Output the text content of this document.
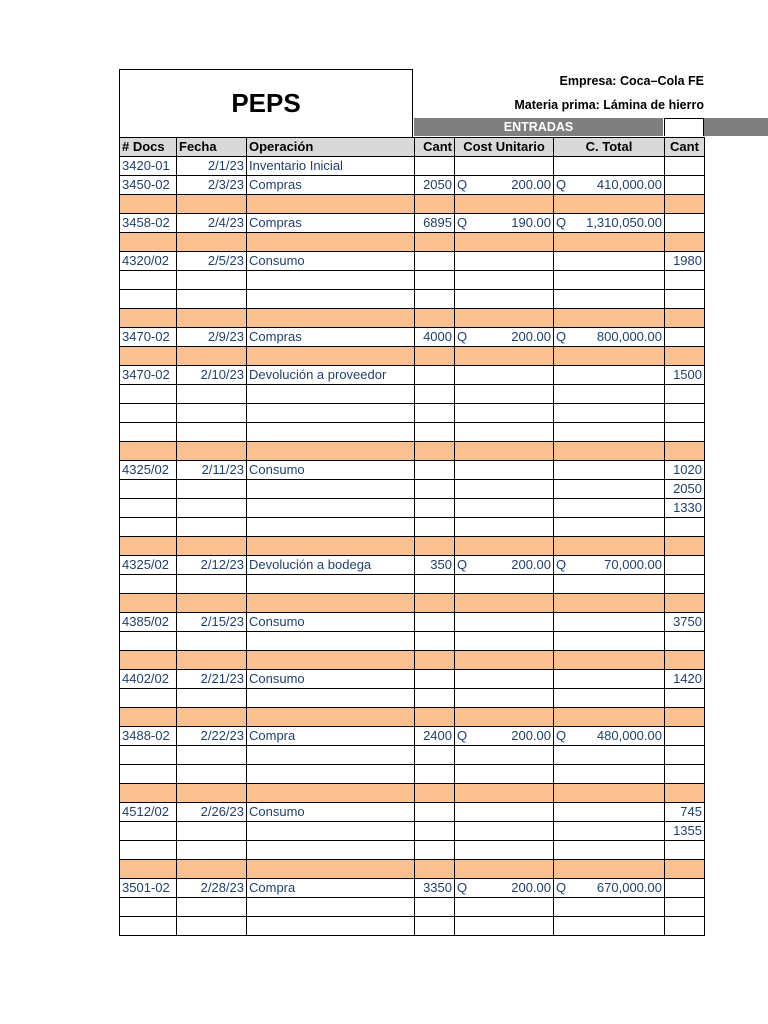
PEPS
Empresa: Coca–Cola FE
Materia prima: Lámina de hierro
ENTRADAS
# Docs	Fecha	Operación	Cant	Cost Unitario	C. Total	Cant
3420-01	2/1/23	Inventario Inicial				
3450-02	2/3/23	Compras	2050	Q 200.00	Q 410,000.00	

3458-02	2/4/23	Compras	6895	Q 190.00	Q 1,310,050.00	

4320/02	2/5/23	Consumo				1980

3470-02	2/9/23	Compras	4000	Q 200.00	Q 800,000.00	

3470-02	2/10/23	Devolución a proveedor				1500

4325/02	2/11/23	Consumo				1020
						2050
						1330

4325/02	2/12/23	Devolución a bodega	350	Q 200.00	Q 70,000.00	

4385/02	2/15/23	Consumo				3750

4402/02	2/21/23	Consumo				1420

3488-02	2/22/23	Compra	2400	Q 200.00	Q 480,000.00	

4512/02	2/26/23	Consumo				745
						1355

3501-02	2/28/23	Compra	3350	Q 200.00	Q 670,000.00	
